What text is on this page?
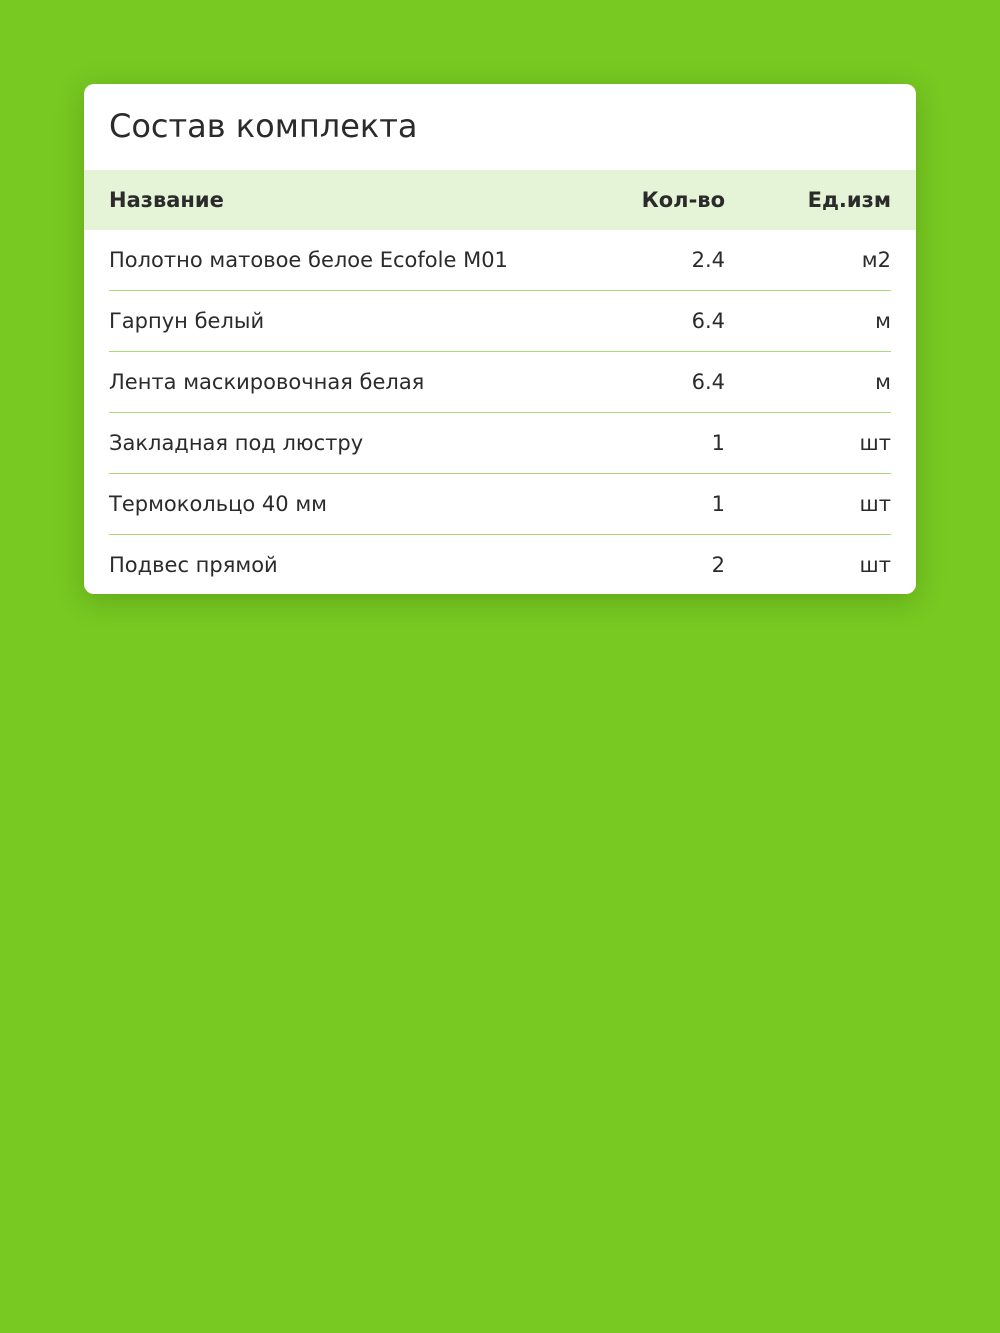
Состав комплекта
Название	Кол-во	Ед.изм
Полотно матовое белое Ecofole M01	2.4	м2
Гарпун белый	6.4	м
Лента маскировочная белая	6.4	м
Закладная под люстру	1	шт
Термокольцо 40 мм	1	шт
Подвес прямой	2	шт
